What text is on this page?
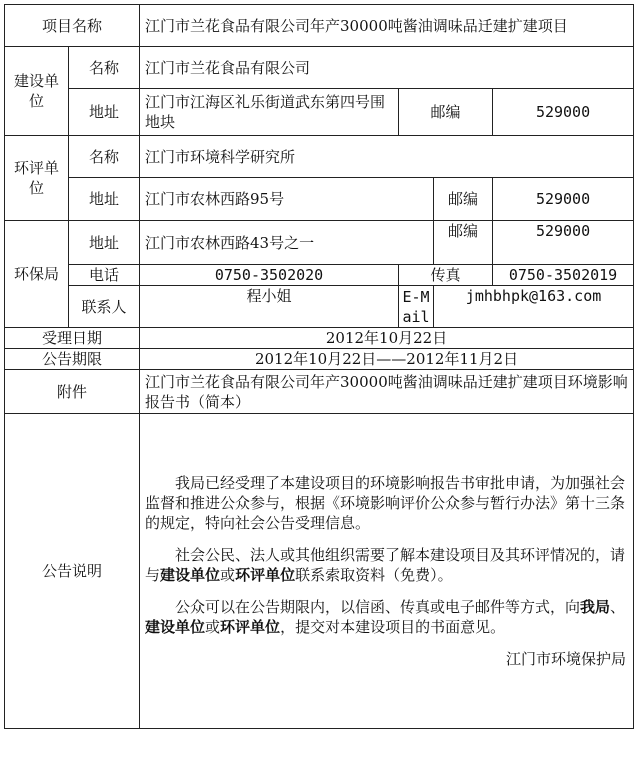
项目名称		江门市兰花食品有限公司年产30000吨酱油调味品迁建扩建项目			
建设单位	名称	江门市兰花食品有限公司			
	地址	江门市江海区礼乐街道武东第四号围地块	邮编		529000
环评单位	名称	江门市环境科学研究所			
	地址	江门市农林西路95号		邮编	529000
环保局	地址	江门市农林西路43号之一		邮编	529000
	电话	0750-3502020	传真		0750-3502019
	联系人	程小姐	E-Mail	jmhbhpk@163.com	
受理日期		2012年10月22日			
公告期限		2012年10月22日——2012年11月2日			
附件		江门市兰花食品有限公司年产30000吨酱油调味品迁建扩建项目环境影响报告书（简本）			
公告说明		我局已经受理了本建设项目的环境影响报告书审批申请，为加强社会监督和推进公众参与，根据《环境影响评价公众参与暂行办法》第十三条的规定，特向社会公告受理信息。

社会公民、法人或其他组织需要了解本建设项目及其环评情况的，请与建设单位或环评单位联系索取资料（免费）。

公众可以在公告期限内，以信函、传真或电子邮件等方式，向我局、建设单位或环评单位，提交对本建设项目的书面意见。

江门市环境保护局			
